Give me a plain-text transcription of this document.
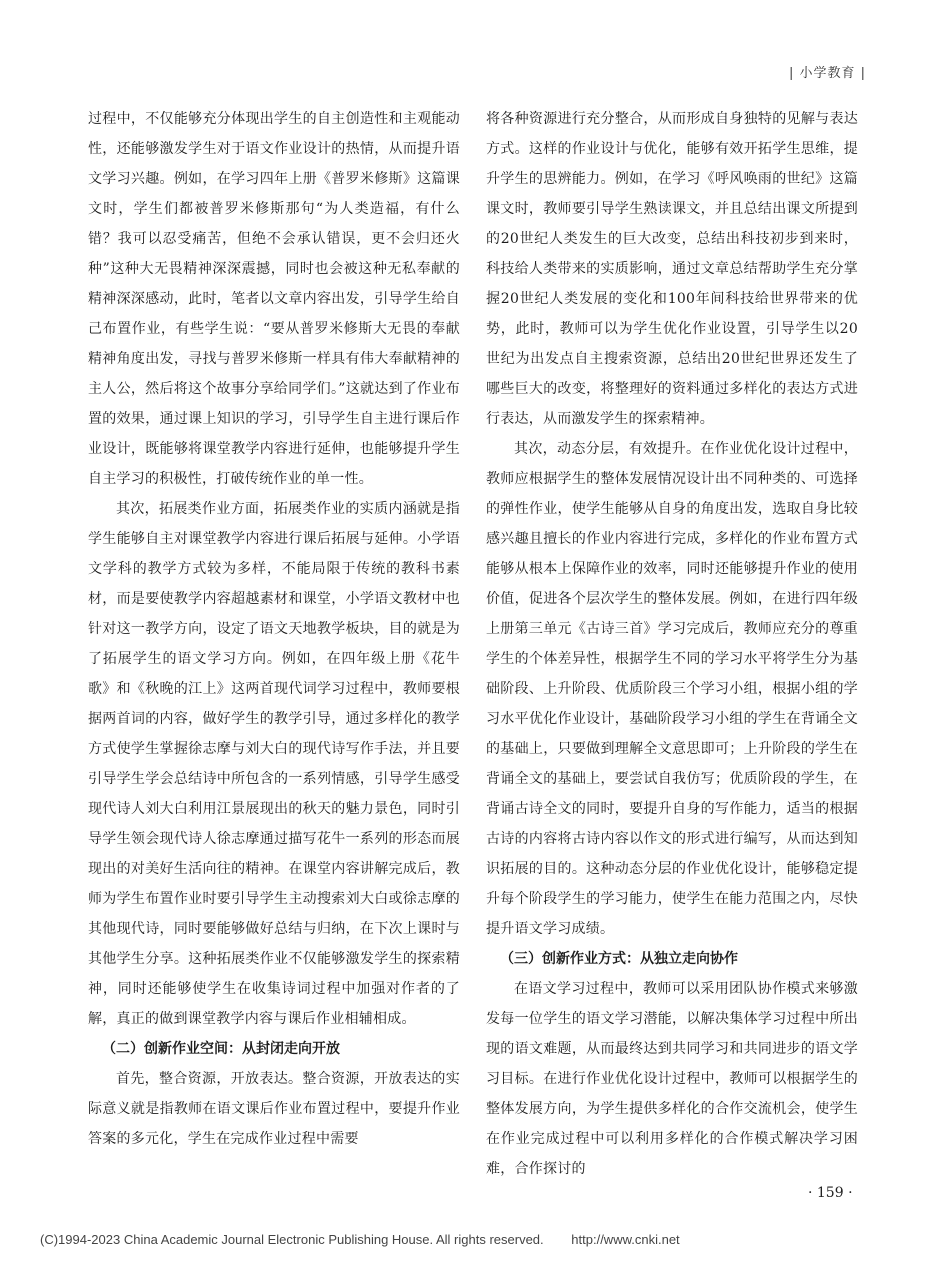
| 小学教育 |

过程中，不仅能够充分体现出学生的自主创造性和主观能动性，还能够激发学生对于语文作业设计的热情，从而提升语文学习兴趣。例如，在学习四年上册《普罗米修斯》这篇课文时，学生们都被普罗米修斯那句“为人类造福，有什么错？我可以忍受痛苦，但绝不会承认错误，更不会归还火种”这种大无畏精神深深震撼，同时也会被这种无私奉献的精神深深感动，此时，笔者以文章内容出发，引导学生给自己布置作业，有些学生说：“要从普罗米修斯大无畏的奉献精神角度出发，寻找与普罗米修斯一样具有伟大奉献精神的主人公，然后将这个故事分享给同学们。”这就达到了作业布置的效果，通过课上知识的学习，引导学生自主进行课后作业设计，既能够将课堂教学内容进行延伸，也能够提升学生自主学习的积极性，打破传统作业的单一性。

其次，拓展类作业方面，拓展类作业的实质内涵就是指学生能够自主对课堂教学内容进行课后拓展与延伸。小学语文学科的教学方式较为多样，不能局限于传统的教科书素材，而是要使教学内容超越素材和课堂，小学语文教材中也针对这一教学方向，设定了语文天地教学板块，目的就是为了拓展学生的语文学习方向。例如，在四年级上册《花牛歌》和《秋晚的江上》这两首现代词学习过程中，教师要根据两首词的内容，做好学生的教学引导，通过多样化的教学方式使学生掌握徐志摩与刘大白的现代诗写作手法，并且要引导学生学会总结诗中所包含的一系列情感，引导学生感受现代诗人刘大白利用江景展现出的秋天的魅力景色，同时引导学生领会现代诗人徐志摩通过描写花牛一系列的形态而展现出的对美好生活向往的精神。在课堂内容讲解完成后，教师为学生布置作业时要引导学生主动搜索刘大白或徐志摩的其他现代诗，同时要能够做好总结与归纳，在下次上课时与其他学生分享。这种拓展类作业不仅能够激发学生的探索精神，同时还能够使学生在收集诗词过程中加强对作者的了解，真正的做到课堂教学内容与课后作业相辅相成。

（二）创新作业空间：从封闭走向开放

首先，整合资源，开放表达。整合资源，开放表达的实际意义就是指教师在语文课后作业布置过程中，要提升作业答案的多元化，学生在完成作业过程中需要

将各种资源进行充分整合，从而形成自身独特的见解与表达方式。这样的作业设计与优化，能够有效开拓学生思维，提升学生的思辨能力。例如，在学习《呼风唤雨的世纪》这篇课文时，教师要引导学生熟读课文，并且总结出课文所提到的20世纪人类发生的巨大改变，总结出科技初步到来时，科技给人类带来的实质影响，通过文章总结帮助学生充分掌握20世纪人类发展的变化和100年间科技给世界带来的优势，此时，教师可以为学生优化作业设置，引导学生以20世纪为出发点自主搜索资源，总结出20世纪世界还发生了哪些巨大的改变，将整理好的资料通过多样化的表达方式进行表达，从而激发学生的探索精神。

其次，动态分层，有效提升。在作业优化设计过程中，教师应根据学生的整体发展情况设计出不同种类的、可选择的弹性作业，使学生能够从自身的角度出发，选取自身比较感兴趣且擅长的作业内容进行完成，多样化的作业布置方式能够从根本上保障作业的效率，同时还能够提升作业的使用价值，促进各个层次学生的整体发展。例如，在进行四年级上册第三单元《古诗三首》学习完成后，教师应充分的尊重学生的个体差异性，根据学生不同的学习水平将学生分为基础阶段、上升阶段、优质阶段三个学习小组，根据小组的学习水平优化作业设计，基础阶段学习小组的学生在背诵全文的基础上，只要做到理解全文意思即可；上升阶段的学生在背诵全文的基础上，要尝试自我仿写；优质阶段的学生，在背诵古诗全文的同时，要提升自身的写作能力，适当的根据古诗的内容将古诗内容以作文的形式进行编写，从而达到知识拓展的目的。这种动态分层的作业优化设计，能够稳定提升每个阶段学生的学习能力，使学生在能力范围之内，尽快提升语文学习成绩。

（三）创新作业方式：从独立走向协作

在语文学习过程中，教师可以采用团队协作模式来够激发每一位学生的语文学习潜能，以解决集体学习过程中所出现的语文难题，从而最终达到共同学习和共同进步的语文学习目标。在进行作业优化设计过程中，教师可以根据学生的整体发展方向，为学生提供多样化的合作交流机会，使学生在作业完成过程中可以利用多样化的合作模式解决学习困难，合作探讨的

· 159 ·
(C)1994-2023 China Academic Journal Electronic Publishing House. All rights reserved. http://www.cnki.net
